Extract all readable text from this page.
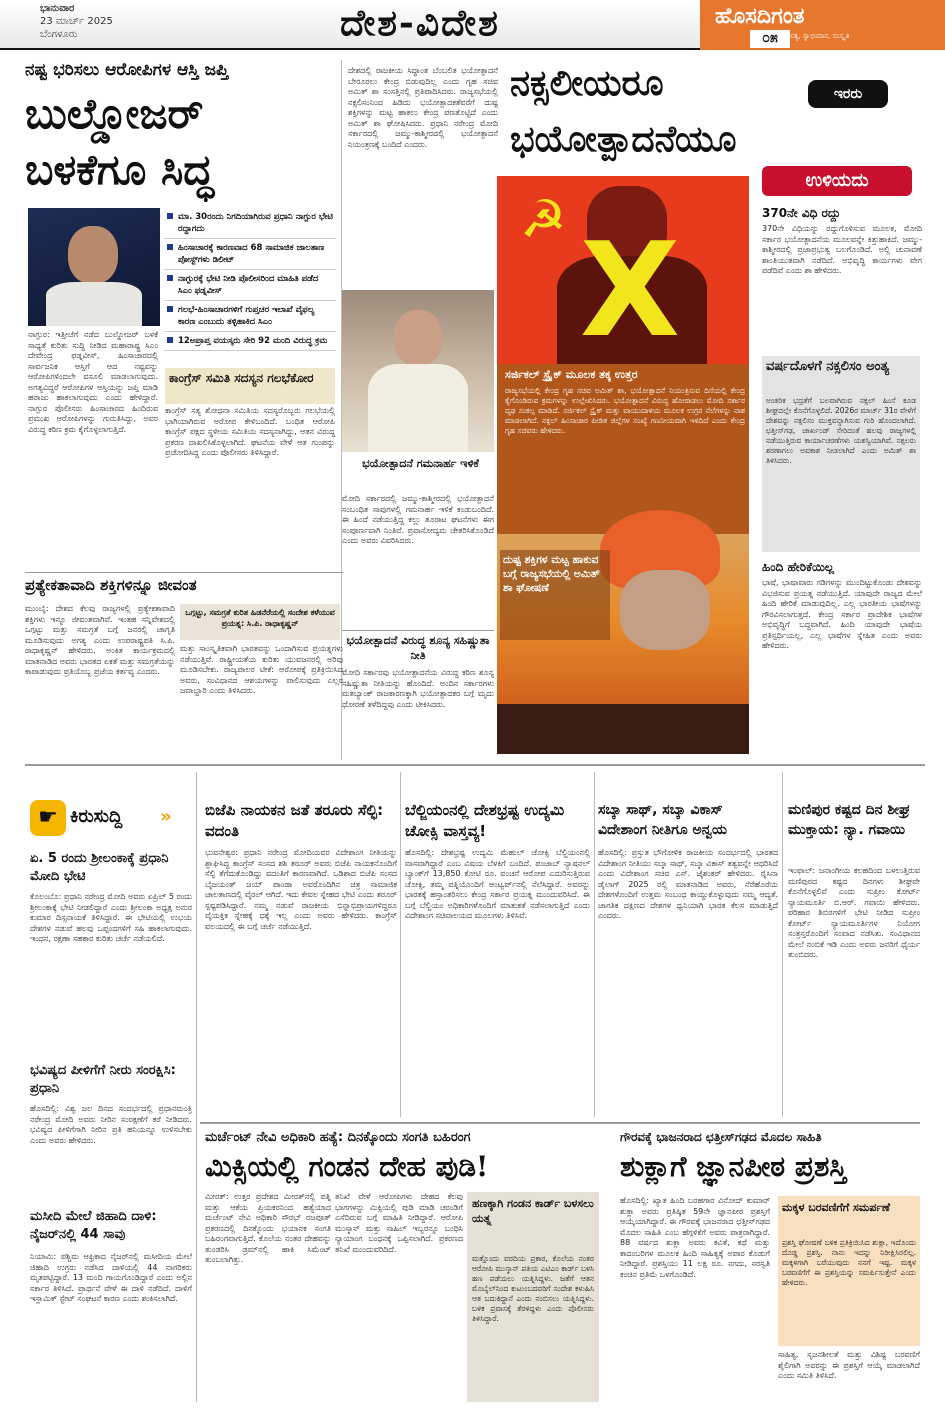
ಭಾನುವಾರ
23 ಮಾರ್ಚ್ 2025
ಬೆಂಗಳೂರು	ದೇಶ-ವಿದೇಶ	ಹೊಸದಿಗಂತ
ಸತ್ಯ, ಸ್ವಾಭಿಮಾನ, ಸಂಸ್ಕೃತಿ
೦೫
ನಷ್ಟ ಭರಿಸಲು ಆರೋಪಿಗಳ ಆಸ್ತಿ ಜಪ್ತಿ
ಬುಲ್ಡೋಜರ್ ಬಳಕೆಗೂ ಸಿದ್ಧ
ಮಾ. 30ರಂದು ನಿಗದಿಯಾಗಿರುವ ಪ್ರಧಾನಿ ನಾಗ್ಪುರ ಭೇಟಿ ರದ್ದಾಗದು
ಹಿಂಸಾಚಾರಕ್ಕೆ ಕಾರಣವಾದ 68 ಸಾಮಾಜಿಕ ಜಾಲತಾಣ ಪೋಸ್ಟ್‌ಗಳು ಡಿಲೀಟ್
ನಾಗ್ಪುರಕ್ಕೆ ಭೇಟಿ ನೀಡಿ ಪೊಲೀಸರಿಂದ ಮಾಹಿತಿ ಪಡೆದ ಸಿಎಂ ಫಡ್ನವೀಸ್
ಗಲಭೆ-ಹಿಂಸಾಚಾರಗಳಿಗೆ ಗುಪ್ತಚರ ಇಲಾಖೆ ವೈಫಲ್ಯ ಕಾರಣ ಎಂಬುದು ತಳ್ಳಿಹಾಕಿದ ಸಿಎಂ
12ಅಪ್ರಾಪ್ತ ವಯಸ್ಕರು ಸೇರಿ 92 ಮಂದಿ ವಿರುದ್ಧ ಕ್ರಮ
ನಾಗ್ಪುರ: ಇತ್ತೀಚೆಗೆ ನಡೆದ ಬುಲ್ಡೋಜರ್ ಬಳಕೆ ಸಾಧ್ಯತೆ ಕುರಿತು ಸುದ್ದಿ ನೀಡಿದ ಮಹಾರಾಷ್ಟ್ರ ಸಿಎಂ ದೇವೇಂದ್ರ ಫಡ್ನವೀಸ್, ಹಿಂಸಾಚಾರದಲ್ಲಿ ಸಾರ್ವಜನಿಕ ಆಸ್ತಿಗೆ ಆದ ನಷ್ಟವನ್ನು ಆರೋಪಿಗಳಿಂದಲೇ ವಸೂಲಿ ಮಾಡಲಾಗುವುದು. ಅಗತ್ಯವಿದ್ದರೆ ಆರೋಪಿಗಳ ಆಸ್ತಿಯನ್ನು ಜಪ್ತಿ ಮಾಡಿ ಹರಾಜು ಹಾಕಲಾಗುವುದು ಎಂದು ಹೇಳಿದ್ದಾರೆ. ನಾಗ್ಪುರ ಪೊಲೀಸರು ಹಿಂಸಾಚಾರದ ಹಿಂದಿರುವ ಪ್ರಮುಖ ಆರೋಪಿಗಳನ್ನು ಗುರುತಿಸಿದ್ದು, ಅವರ ವಿರುದ್ಧ ಕಠಿಣ ಕ್ರಮ ಕೈಗೊಳ್ಳಲಾಗುತ್ತಿದೆ.
ಕಾಂಗ್ರೆಸ್ ಸಮಿತಿ ಸದಸ್ಯನ ಗಲಭೆಕೋರ
ಕಾಂಗ್ರೆಸ್ ಸತ್ಯ ಶೋಧನಾ ಸಮಿತಿಯ ಸದಸ್ಯರೊಬ್ಬರು ಗಲಭೆಯಲ್ಲಿ ಭಾಗಿಯಾಗಿರುವ ಆರೋಪ ಕೇಳಿಬಂದಿದೆ. ಬಂಧಿತ ಆರೋಪಿ ಕಾಂಗ್ರೆಸ್ ಪಕ್ಷದ ಸ್ಥಳೀಯ ಸಮಿತಿಯ ಸದಸ್ಯನಾಗಿದ್ದು, ಆತನ ವಿರುದ್ಧ ಪ್ರಕರಣ ದಾಖಲಿಸಿಕೊಳ್ಳಲಾಗಿದೆ. ಘಟನೆಯ ವೇಳೆ ಆತ ಗುಂಪನ್ನು ಪ್ರಚೋದಿಸಿದ್ದ ಎಂದು ಪೊಲೀಸರು ತಿಳಿಸಿದ್ದಾರೆ.
ಪ್ರತ್ಯೇಕತಾವಾದಿ ಶಕ್ತಿಗಳಿನ್ನೂ ಜೀವಂತ
ಮುಂಬೈ: ದೇಶದ ಕೆಲವು ರಾಜ್ಯಗಳಲ್ಲಿ ಪ್ರತ್ಯೇಕತಾವಾದಿ ಶಕ್ತಿಗಳು ಇನ್ನೂ ಜೀವಂತವಾಗಿವೆ. ಇಂತಹ ಸನ್ನಿವೇಶದಲ್ಲಿ ಒಗ್ಗಟ್ಟು ಮತ್ತು ಸಮಗ್ರತೆ ಬಗ್ಗೆ ಜನರಲ್ಲಿ ಜಾಗೃತಿ ಮೂಡಿಸುವುದು ಅಗತ್ಯ ಎಂದು ಉಪರಾಷ್ಟ್ರಪತಿ ಸಿ.ಪಿ. ರಾಧಾಕೃಷ್ಣನ್ ಹೇಳಿದರು. ಅಂಕಿತ ಕಾರ್ಯಕ್ರಮದಲ್ಲಿ ಮಾತನಾಡಿದ ಅವರು ಭಾರತದ ಏಕತೆ ಮತ್ತು ಸಮಗ್ರತೆಯನ್ನು ಕಾಪಾಡುವುದು ಪ್ರತಿಯೊಬ್ಬ ಪ್ರಜೆಯ ಕರ್ತವ್ಯ ಎಂದರು.
ಒಗ್ಗಟ್ಟು, ಸಮಗ್ರತೆ ಕುರಿತ ಹಿಡನೆರೆಯಲ್ಲಿ ಸಂದೇಶ ಕಳೆಯುವ ಪ್ರಯತ್ನ: ಸಿ.ಪಿ. ರಾಧಾಕೃಷ್ಣನ್
ಮತ್ತು ಸಾಂಸ್ಕೃತಿಕವಾಗಿ ಭಾರತವನ್ನು ಒಂದಾಗಿಸುವ ಪ್ರಯತ್ನಗಳು ನಡೆಯುತ್ತಿವೆ. ರಾಷ್ಟ್ರೀಯತೆಯ ಕುರಿತು ಯುವಜನರಲ್ಲಿ ಅರಿವು ಮೂಡಿಸಬೇಕು. ರಾಜ್ಯಪಾಲರ ಟೀಕೆ: ಆರೋಪಕ್ಕೆ ಪ್ರತಿಕ್ರಿಯಿಸಿದ ಅವರು, ಸಂವಿಧಾನದ ಆಶಯಗಳನ್ನು ಪಾಲಿಸುವುದು ಎಲ್ಲರ ಜವಾಬ್ದಾರಿ ಎಂದು ತಿಳಿಸಿದರು.
ದೇಶದಲ್ಲಿ ರಾಜಕೀಯ ಸಿದ್ಧಾಂತ ಬೆಂಬಲಿತ ಭಯೋತ್ಪಾದನೆ ಬೇರೂರಲು ಕೇಂದ್ರ ಬಿಡುವುದಿಲ್ಲ ಎಂದು ಗೃಹ ಸಚಿವ ಅಮಿತ್ ಶಾ ಸಂಸತ್ತಿನಲ್ಲಿ ಪ್ರತಿಪಾದಿಸಿದರು. ರಾಜ್ಯಸಭೆಯಲ್ಲಿ ನಕ್ಸಲಿಸಂನಿಂದ ಹಿಡಿದು ಭಯೋತ್ಪಾದಕತೆವರೆಗೆ ದುಷ್ಟ ಶಕ್ತಿಗಳನ್ನು ಮಟ್ಟ ಹಾಕಲು ಕೇಂದ್ರ ಪಣತೊಟ್ಟಿದೆ ಎಂದು ಅಮಿತ್ ಶಾ ಘೋಷಿಸಿದರು. ಪ್ರಧಾನಿ ನರೇಂದ್ರ ಮೋದಿ ಸರ್ಕಾರದಲ್ಲಿ ಜಮ್ಮು-ಕಾಶ್ಮೀರದಲ್ಲಿ ಭಯೋತ್ಪಾದನೆ ನಿಯಂತ್ರಣಕ್ಕೆ ಬಂದಿದೆ ಎಂದರು.
ಭಯೋತ್ಪಾದನೆ ಗಮನಾರ್ಹ ಇಳಿಕೆ
ಮೋದಿ ಸರ್ಕಾರದಲ್ಲಿ ಜಮ್ಮು-ಕಾಶ್ಮೀರದಲ್ಲಿ ಭಯೋತ್ಪಾದನೆ ಸಂಬಂಧಿತ ಸಾವುಗಳಲ್ಲಿ ಗಮನಾರ್ಹ ಇಳಿಕೆ ಕಂಡುಬಂದಿದೆ. ಈ ಹಿಂದೆ ನಡೆಯುತ್ತಿದ್ದ ಕಲ್ಲು ತೂರಾಟ ಘಟನೆಗಳು ಈಗ ಸಂಪೂರ್ಣವಾಗಿ ನಿಂತಿವೆ. ಪ್ರವಾಸೋದ್ಯಮ ಚೇತರಿಸಿಕೊಂಡಿದೆ ಎಂದು ಅವರು ವಿವರಿಸಿದರು.
ಭಯೋತ್ಪಾದನೆ ವಿರುದ್ಧ ಶೂನ್ಯ ಸಹಿಷ್ಣುತಾ ನೀತಿ
ಮೋದಿ ಸರ್ಕಾರವು ಭಯೋತ್ಪಾದನೆಯ ವಿರುದ್ಧ ಕಠಿಣ ಶೂನ್ಯ ಸಹಿಷ್ಣುತಾ ನೀತಿಯನ್ನು ಹೊಂದಿದೆ. ಅಂದಿನ ಸರ್ಕಾರಗಳು ಮತಬ್ಯಾಂಕ್ ರಾಜಕಾರಣಕ್ಕಾಗಿ ಭಯೋತ್ಪಾದಕರ ಬಗ್ಗೆ ಮೃದು ಧೋರಣೆ ತಳೆದಿದ್ದವು ಎಂದು ಟೀಕಿಸಿದರು.
ನಕ್ಸಲೀಯರೂ	ಇರರು
ಭಯೋತ್ಪಾದನೆಯೂ
ಉಳಿಯದು
☭ X
ಸರ್ಜಿಕಲ್ ಸ್ಟ್ರೈಕ್ ಮೂಲಕ ತಕ್ಕ ಉತ್ತರ
ರಾಜ್ಯಸಭೆಯಲ್ಲಿ ಕೇಂದ್ರ ಗೃಹ ಸಚಿವ ಅಮಿತ್ ಶಾ, ಭಯೋತ್ಪಾದನೆ ನಿಯಂತ್ರಿಸುವ ದಿಸೆಯಲ್ಲಿ ಕೇಂದ್ರ ಕೈಗೊಂಡಿರುವ ಕ್ರಮಗಳನ್ನು ಉಲ್ಲೇಖಿಸಿದರು. ಭಯೋತ್ಪಾದನೆ ವಿರುದ್ಧ ಹೋರಾಡಲು ಮೋದಿ ಸರ್ಕಾರ ದೃಢ ಸಂಕಲ್ಪ ಮಾಡಿದೆ. ಸರ್ಜಿಕಲ್ ಸ್ಟ್ರೈಕ್ ಮತ್ತು ವಾಯುದಾಳಿಯ ಮೂಲಕ ಉಗ್ರರ ನೆಲೆಗಳನ್ನು ನಾಶ ಮಾಡಲಾಗಿದೆ. ನಕ್ಸಲ್ ಹಿಂಸಾಚಾರ ಪೀಡಿತ ಜಿಲ್ಲೆಗಳ ಸಂಖ್ಯೆ ಗಣನೀಯವಾಗಿ ಇಳಿದಿದೆ ಎಂದು ಕೇಂದ್ರ ಗೃಹ ಸಚಿವರು ಹೇಳಿದರು.
ದುಷ್ಟ ಶಕ್ತಿಗಳ ಮಟ್ಟ ಹಾಕುವ ಬಗ್ಗೆ ರಾಜ್ಯಸಭೆಯಲ್ಲಿ ಅಮಿತ್ ಶಾ ಘೋಷಣೆ
370ನೇ ವಿಧಿ ರದ್ದು
370ನೇ ವಿಧಿಯನ್ನು ರದ್ದುಗೊಳಿಸುವ ಮೂಲಕ, ಮೋದಿ ಸರ್ಕಾರ ಭಯೋತ್ಪಾದನೆಯ ಮೂಲವನ್ನೇ ಕಿತ್ತುಹಾಕಿದೆ. ಜಮ್ಮು-ಕಾಶ್ಮೀರದಲ್ಲಿ ಪ್ರಜಾಪ್ರಭುತ್ವ ಬಲಗೊಂಡಿದೆ. ಅಲ್ಲಿ ಚುನಾವಣೆ ಶಾಂತಿಯುತವಾಗಿ ನಡೆದಿದೆ. ಅಭಿವೃದ್ಧಿ ಕಾರ್ಯಗಳು ವೇಗ ಪಡೆದಿವೆ ಎಂದು ಶಾ ಹೇಳಿದರು.
ವರ್ಷದೊಳಗೆ ನಕ್ಸಲಿಸಂ ಅಂತ್ಯ
ಅಂತರಿಕ ಭದ್ರತೆಗೆ ಬಲವಾಗಿರುವ ನಕ್ಸಲ್ ಹಿಂಸೆ ಕೂಡ ಶೀಘ್ರದಲ್ಲೇ ಕೊನೆಗೊಳ್ಳಲಿದೆ. 2026ರ ಮಾರ್ಚ್ 31ರ ವೇಳೆಗೆ ದೇಶವನ್ನು ನಕ್ಸಲಿಸಂ ಮುಕ್ತವನ್ನಾಗಿಸುವ ಗುರಿ ಹೊಂದಲಾಗಿದೆ. ಛತ್ತೀಸ್‌ಗಢ, ಜಾರ್ಖಂಡ್ ಸೇರಿದಂತೆ ಹಲವು ರಾಜ್ಯಗಳಲ್ಲಿ ನಡೆಯುತ್ತಿರುವ ಕಾರ್ಯಾಚರಣೆಗಳು ಯಶಸ್ವಿಯಾಗಿವೆ. ನಕ್ಸಲರು ಶರಣಾಗಲು ಅವಕಾಶ ನೀಡಲಾಗಿದೆ ಎಂದು ಅಮಿತ್ ಶಾ ತಿಳಿಸಿದರು.
ಹಿಂದಿ ಹೇರಿಕೆಯಿಲ್ಲ
ಭಾಷೆ, ಭಾಷಾವಾರು ಗಡಿಗಳನ್ನು ಮುಂದಿಟ್ಟುಕೊಂಡು ದೇಶವನ್ನು ವಿಭಜಿಸುವ ಪ್ರಯತ್ನ ನಡೆಯುತ್ತಿದೆ. ಯಾವುದೇ ರಾಜ್ಯದ ಮೇಲೆ ಹಿಂದಿ ಹೇರಿಕೆ ಮಾಡುವುದಿಲ್ಲ. ಎಲ್ಲ ಭಾರತೀಯ ಭಾಷೆಗಳನ್ನು ಗೌರವಿಸಲಾಗುತ್ತದೆ. ಕೇಂದ್ರ ಸರ್ಕಾರ ಪ್ರಾದೇಶಿಕ ಭಾಷೆಗಳ ಅಭಿವೃದ್ಧಿಗೆ ಬದ್ಧವಾಗಿದೆ. ಹಿಂದಿ ಯಾವುದೇ ಭಾಷೆಯ ಪ್ರತಿಸ್ಪರ್ಧಿಯಲ್ಲ, ಎಲ್ಲ ಭಾಷೆಗಳ ಸ್ನೇಹಿತ ಎಂದು ಅವರು ಹೇಳಿದರು.
☛ ಕಿರುಸುದ್ದಿ	»
ಏ. 5 ರಂದು ಶ್ರೀಲಂಕಾಕ್ಕೆ ಪ್ರಧಾನಿ ಮೋದಿ ಭೇಟಿ
ಕೊಲಂಬೊ: ಪ್ರಧಾನಿ ನರೇಂದ್ರ ಮೋದಿ ಅವರು ಏಪ್ರಿಲ್ 5 ರಂದು ಶ್ರೀಲಂಕಾಕ್ಕೆ ಭೇಟಿ ನೀಡಲಿದ್ದಾರೆ ಎಂದು ಶ್ರೀಲಂಕಾ ಅಧ್ಯಕ್ಷ ಅನುರ ಕುಮಾರ ದಿಸ್ಸನಾಯಕೆ ತಿಳಿಸಿದ್ದಾರೆ. ಈ ಭೇಟಿಯಲ್ಲಿ ಉಭಯ ದೇಶಗಳ ನಡುವೆ ಹಲವು ಒಪ್ಪಂದಗಳಿಗೆ ಸಹಿ ಹಾಕಲಾಗುವುದು. ಇಂಧನ, ರಕ್ಷಣಾ ಸಹಕಾರ ಕುರಿತು ಚರ್ಚೆ ನಡೆಯಲಿದೆ.
ಭವಿಷ್ಯದ ಪೀಳಿಗೆಗೆ ನೀರು ಸಂರಕ್ಷಿಸಿ: ಪ್ರಧಾನಿ
ಹೊಸದಿಲ್ಲಿ: ವಿಶ್ವ ಜಲ ದಿನದ ಸಂದರ್ಭದಲ್ಲಿ ಪ್ರಧಾನಮಂತ್ರಿ ನರೇಂದ್ರ ಮೋದಿ ಅವರು ನೀರಿನ ಸಂರಕ್ಷಣೆಗೆ ಕರೆ ನೀಡಿದರು. ಭವಿಷ್ಯದ ಪೀಳಿಗೆಗಾಗಿ ನೀರಿನ ಪ್ರತಿ ಹನಿಯನ್ನೂ ಉಳಿಸಬೇಕು ಎಂದು ಅವರು ಹೇಳಿದರು.
ಮಸೀದಿ ಮೇಲೆ ಜಿಹಾದಿ ದಾಳಿ: ನೈಜರ್‌ನಲ್ಲಿ 44 ಸಾವು
ನಿಯಾಮಿ: ಪಶ್ಚಿಮ ಆಫ್ರಿಕಾದ ನೈಜರ್‌ನಲ್ಲಿ ಮಸೀದಿಯ ಮೇಲೆ ಜಿಹಾದಿ ಉಗ್ರರು ನಡೆಸಿದ ದಾಳಿಯಲ್ಲಿ 44 ನಾಗರಿಕರು ಮೃತಪಟ್ಟಿದ್ದಾರೆ. 13 ಮಂದಿ ಗಾಯಗೊಂಡಿದ್ದಾರೆ ಎಂದು ಅಲ್ಲಿನ ಸರ್ಕಾರ ತಿಳಿಸಿದೆ. ಪ್ರಾರ್ಥನೆ ವೇಳೆ ಈ ದಾಳಿ ನಡೆದಿದೆ. ದಾಳಿಗೆ ಇಸ್ಲಾಮಿಕ್ ಸ್ಟೇಟ್ ಸಂಘಟನೆ ಕಾರಣ ಎಂದು ಶಂಕಿಸಲಾಗಿದೆ.
ಬಿಜೆಪಿ ನಾಯಕನ ಜತೆ ತರೂರು ಸೆಲ್ಫಿ: ವದಂತಿ
ಭುವನೇಶ್ವರ: ಪ್ರಧಾನಿ ನರೇಂದ್ರ ಮೋದಿಯವರ ವಿದೇಶಾಂಗ ನೀತಿಯನ್ನು ಶ್ಲಾಘಿಸಿದ್ದ ಕಾಂಗ್ರೆಸ್ ಸಂಸದ ಶಶಿ ತರೂರ್ ಅವರು ಬಿಜೆಪಿ ನಾಯಕನೊಂದಿಗೆ ಸೆಲ್ಫಿ ತೆಗೆದುಕೊಂಡಿದ್ದು ವದಂತಿಗೆ ಕಾರಣವಾಗಿದೆ. ಒಡಿಶಾದ ಬಿಜೆಪಿ ಸಂಸದ ಬೈಜಯಂತ್ ಜಯ್ ಪಾಂಡಾ ಅವರೊಂದಿಗಿನ ಚಿತ್ರ ಸಾಮಾಜಿಕ ಜಾಲತಾಣದಲ್ಲಿ ವೈರಲ್ ಆಗಿದೆ. ಇದು ಕೇವಲ ಸ್ನೇಹದ ಭೇಟಿ ಎಂದು ತರೂರ್ ಸ್ಪಷ್ಟಪಡಿಸಿದ್ದಾರೆ. ನಮ್ಮ ನಡುವೆ ರಾಜಕೀಯ ಭಿನ್ನಾಭಿಪ್ರಾಯಗಳಿದ್ದರೂ ವೈಯಕ್ತಿಕ ಸ್ನೇಹಕ್ಕೆ ಧಕ್ಕೆ ಇಲ್ಲ ಎಂದು ಅವರು ಹೇಳಿದರು. ಕಾಂಗ್ರೆಸ್ ವಲಯದಲ್ಲಿ ಈ ಬಗ್ಗೆ ಚರ್ಚೆ ನಡೆಯುತ್ತಿದೆ.
ಬೆಲ್ಜಿಯಂನಲ್ಲಿ ದೇಶಭ್ರಷ್ಟ ಉದ್ಯಮಿ ಚೋಕ್ಸಿ ವಾಸ್ತವ್ಯ!
ಹೊಸದಿಲ್ಲಿ: ದೇಶಭ್ರಷ್ಟ ಉದ್ಯಮಿ ಮೆಹುಲ್ ಚೋಕ್ಸಿ ಬೆಲ್ಜಿಯಂನಲ್ಲಿ ವಾಸವಾಗಿದ್ದಾರೆ ಎಂಬ ವಿಷಯ ಬೆಳಕಿಗೆ ಬಂದಿದೆ. ಪಂಜಾಬ್ ನ್ಯಾಷನಲ್ ಬ್ಯಾಂಕ್‌ಗೆ 13,850 ಕೋಟಿ ರೂ. ವಂಚನೆ ಆರೋಪ ಎದುರಿಸುತ್ತಿರುವ ಚೋಕ್ಸಿ, ತಮ್ಮ ಪತ್ನಿಯೊಂದಿಗೆ ಆಂಟ್ವರ್ಪ್‌ನಲ್ಲಿ ನೆಲೆಸಿದ್ದಾರೆ. ಅವರನ್ನು ಭಾರತಕ್ಕೆ ಹಸ್ತಾಂತರಿಸಲು ಕೇಂದ್ರ ಸರ್ಕಾರ ಪ್ರಯತ್ನ ಮುಂದುವರಿಸಿದೆ. ಈ ಬಗ್ಗೆ ಬೆಲ್ಜಿಯಂ ಅಧಿಕಾರಿಗಳೊಂದಿಗೆ ಮಾತುಕತೆ ನಡೆಸಲಾಗುತ್ತಿದೆ ಎಂದು ವಿದೇಶಾಂಗ ಸಚಿವಾಲಯದ ಮೂಲಗಳು ತಿಳಿಸಿವೆ.
ಸಬ್ಕಾ ಸಾಥ್, ಸಬ್ಕಾ ವಿಕಾಸ್ ವಿದೇಶಾಂಗ ನೀತಿಗೂ ಅನ್ವಯ
ಹೊಸದಿಲ್ಲಿ: ಪ್ರಸ್ತುತ ಭೌಗೋಳಿಕ ರಾಜಕೀಯ ಸಂದರ್ಭದಲ್ಲಿ ಭಾರತದ ವಿದೇಶಾಂಗ ನೀತಿಯು ಸಬ್ಕಾ ಸಾಥ್, ಸಬ್ಕಾ ವಿಕಾಸ್ ತತ್ವವನ್ನೇ ಆಧರಿಸಿದೆ ಎಂದು ವಿದೇಶಾಂಗ ಸಚಿವ ಎಸ್. ಜೈಶಂಕರ್ ಹೇಳಿದರು. ರೈಸಿನಾ ಡೈಲಾಗ್ 2025 ರಲ್ಲಿ ಮಾತನಾಡಿದ ಅವರು, ನೆರೆಹೊರೆಯ ದೇಶಗಳೊಂದಿಗೆ ಉತ್ತಮ ಸಂಬಂಧ ಕಾಯ್ದುಕೊಳ್ಳುವುದು ನಮ್ಮ ಆದ್ಯತೆ. ಜಾಗತಿಕ ದಕ್ಷಿಣದ ದೇಶಗಳ ಧ್ವನಿಯಾಗಿ ಭಾರತ ಕೆಲಸ ಮಾಡುತ್ತಿದೆ ಎಂದರು.
ಮಣಿಪುರ ಕಷ್ಟದ ದಿನ ಶೀಘ್ರ ಮುಕ್ತಾಯ: ನ್ಯಾ. ಗವಾಯಿ
ಇಂಫಾಲ್: ಜನಾಂಗೀಯ ಕಲಹದಿಂದ ಬಳಲುತ್ತಿರುವ ಮಣಿಪುರದ ಕಷ್ಟದ ದಿನಗಳು ಶೀಘ್ರವೇ ಕೊನೆಗೊಳ್ಳಲಿವೆ ಎಂದು ಸುಪ್ರೀಂ ಕೋರ್ಟ್ ನ್ಯಾಯಮೂರ್ತಿ ಬಿ.ಆರ್. ಗವಾಯಿ ಹೇಳಿದರು. ಪರಿಹಾರ ಶಿಬಿರಗಳಿಗೆ ಭೇಟಿ ನೀಡಿದ ಸುಪ್ರೀಂ ಕೋರ್ಟ್ ನ್ಯಾಯಮೂರ್ತಿಗಳ ನಿಯೋಗ ಸಂತ್ರಸ್ತರೊಂದಿಗೆ ಸಂವಾದ ನಡೆಸಿತು. ಸಂವಿಧಾನದ ಮೇಲೆ ನಂಬಿಕೆ ಇಡಿ ಎಂದು ಅವರು ಜನರಿಗೆ ಧೈರ್ಯ ತುಂಬಿದರು.
ಮರ್ಚೆಂಟ್ ನೇವಿ ಅಧಿಕಾರಿ ಹತ್ಯೆ: ದಿನಕ್ಕೊಂದು ಸಂಗತಿ ಬಹಿರಂಗ
ಮಿಕ್ಸಿಯಲ್ಲಿ ಗಂಡನ ದೇಹ ಪುಡಿ!
ಮೀರತ್: ಉತ್ತರ ಪ್ರದೇಶದ ಮೀರತ್‌ನಲ್ಲಿ ಪತ್ನಿ ಮತ್ತು ಆಕೆಯ ಪ್ರಿಯಕರನಿಂದ ಹತ್ಯೆಯಾದ ಮರ್ಚೆಂಟ್ ನೇವಿ ಅಧಿಕಾರಿ ಸೌರಭ್ ರಜಪೂತ್ ಪ್ರಕರಣದಲ್ಲಿ ದಿನಕ್ಕೊಂದು ಭಯಾನಕ ಸಂಗತಿ ಬಹಿರಂಗವಾಗುತ್ತಿದೆ. ಕೊಲೆಯ ನಂತರ ದೇಹವನ್ನು ತುಂಡರಿಸಿ ಡ್ರಮ್‌ನಲ್ಲಿ ಹಾಕಿ ಸಿಮೆಂಟ್ ತುಂಬಲಾಗಿತ್ತು.
ತನಿಖೆ ವೇಳೆ ಆರೋಪಿಗಳು ದೇಹದ ಕೆಲವು ಭಾಗಗಳನ್ನು ಮಿಕ್ಸಿಯಲ್ಲಿ ಪುಡಿ ಮಾಡಿ ಚರಂಡಿಗೆ ಎಸೆದಿರುವ ಬಗ್ಗೆ ಮಾಹಿತಿ ನೀಡಿದ್ದಾರೆ. ಆರೋಪಿ ಮುಸ್ಕಾನ್ ಮತ್ತು ಸಾಹಿಲ್ ಇಬ್ಬರನ್ನೂ ಬಂಧಿಸಿ ನ್ಯಾಯಾಂಗ ಬಂಧನಕ್ಕೆ ಒಪ್ಪಿಸಲಾಗಿದೆ. ಪ್ರಕರಣದ ತನಿಖೆ ಮುಂದುವರಿದಿದೆ.
ಹಣಕ್ಕಾಗಿ ಗಂಡನ ಕಾರ್ಡ್ ಬಳಸಲು ಯತ್ನ
ಮತ್ತೊಂದು ವರದಿಯ ಪ್ರಕಾರ, ಕೊಲೆಯ ನಂತರ ಆರೋಪಿ ಮುಸ್ಕಾನ್ ಪತಿಯ ಎಟಿಎಂ ಕಾರ್ಡ್ ಬಳಸಿ ಹಣ ಪಡೆಯಲು ಯತ್ನಿಸಿದ್ದಳು. ಜತೆಗೆ ಆತನ ಮೊಬೈಲ್‌ನಿಂದ ಕುಟುಂಬದವರಿಗೆ ಸಂದೇಶ ಕಳುಹಿಸಿ ಆತ ಬದುಕಿದ್ದಾನೆ ಎಂದು ನಂಬಿಸಲು ಯತ್ನಿಸಿದ್ದಳು. ಬಳಿಕ ಪ್ರವಾಸಕ್ಕೆ ತೆರಳಿದ್ದಳು ಎಂದು ಪೊಲೀಸರು ತಿಳಿಸಿದ್ದಾರೆ.
ಗೌರವಕ್ಕೆ ಭಾಜನರಾದ ಛತ್ತೀಸ್‌ಗಢದ ಮೊದಲ ಸಾಹಿತಿ
ಶುಕ್ಲಾಗೆ ಜ್ಞಾನಪೀಠ ಪ್ರಶಸ್ತಿ
ಹೊಸದಿಲ್ಲಿ: ಖ್ಯಾತ ಹಿಂದಿ ಬರಹಗಾರ ವಿನೋದ್ ಕುಮಾರ್ ಶುಕ್ಲಾ ಅವರು ಪ್ರತಿಷ್ಠಿತ 59ನೇ ಜ್ಞಾನಪೀಠ ಪ್ರಶಸ್ತಿಗೆ ಆಯ್ಕೆಯಾಗಿದ್ದಾರೆ. ಈ ಗೌರವಕ್ಕೆ ಭಾಜನರಾದ ಛತ್ತೀಸ್‌ಗಢದ ಮೊದಲ ಸಾಹಿತಿ ಎಂಬ ಹೆಗ್ಗಳಿಕೆಗೆ ಅವರು ಪಾತ್ರರಾಗಿದ್ದಾರೆ. 88 ವರ್ಷದ ಶುಕ್ಲಾ ಅವರು ಕವಿತೆ, ಕಥೆ ಮತ್ತು ಕಾದಂಬರಿಗಳ ಮೂಲಕ ಹಿಂದಿ ಸಾಹಿತ್ಯಕ್ಕೆ ಅಪಾರ ಕೊಡುಗೆ ನೀಡಿದ್ದಾರೆ. ಪ್ರಶಸ್ತಿಯು 11 ಲಕ್ಷ ರೂ. ನಗದು, ಸರಸ್ವತಿ ಕಂಚಿನ ಪ್ರತಿಮೆ ಒಳಗೊಂಡಿದೆ.
ಮಕ್ಕಳ ಬರವಣಿಗೆಗೆ ಸಮರ್ಪಣೆ
ಪ್ರಶಸ್ತಿ ಘೋಷಣೆ ಬಳಿಕ ಪ್ರತಿಕ್ರಿಯಿಸಿದ ಶುಕ್ಲಾ, ಇದೊಂದು ದೊಡ್ಡ ಪ್ರಶಸ್ತಿ. ನಾನು ಇದನ್ನು ನಿರೀಕ್ಷಿಸಿರಲಿಲ್ಲ. ಮಕ್ಕಳಿಗಾಗಿ ಬರೆಯುವುದು ನನಗೆ ಇಷ್ಟ. ಮಕ್ಕಳ ಬರವಣಿಗೆಗೆ ಈ ಪ್ರಶಸ್ತಿಯನ್ನು ಸಮರ್ಪಿಸುತ್ತೇನೆ ಎಂದು ಹೇಳಿದರು.
ಸಾಹಿತ್ಯ, ಸೃಜನಶೀಲತೆ ಮತ್ತು ವಿಶಿಷ್ಟ ಬರವಣಿಗೆ ಶೈಲಿಗಾಗಿ ಅವರನ್ನು ಈ ಪ್ರಶಸ್ತಿಗೆ ಆಯ್ಕೆ ಮಾಡಲಾಗಿದೆ ಎಂದು ಸಮಿತಿ ತಿಳಿಸಿದೆ.
